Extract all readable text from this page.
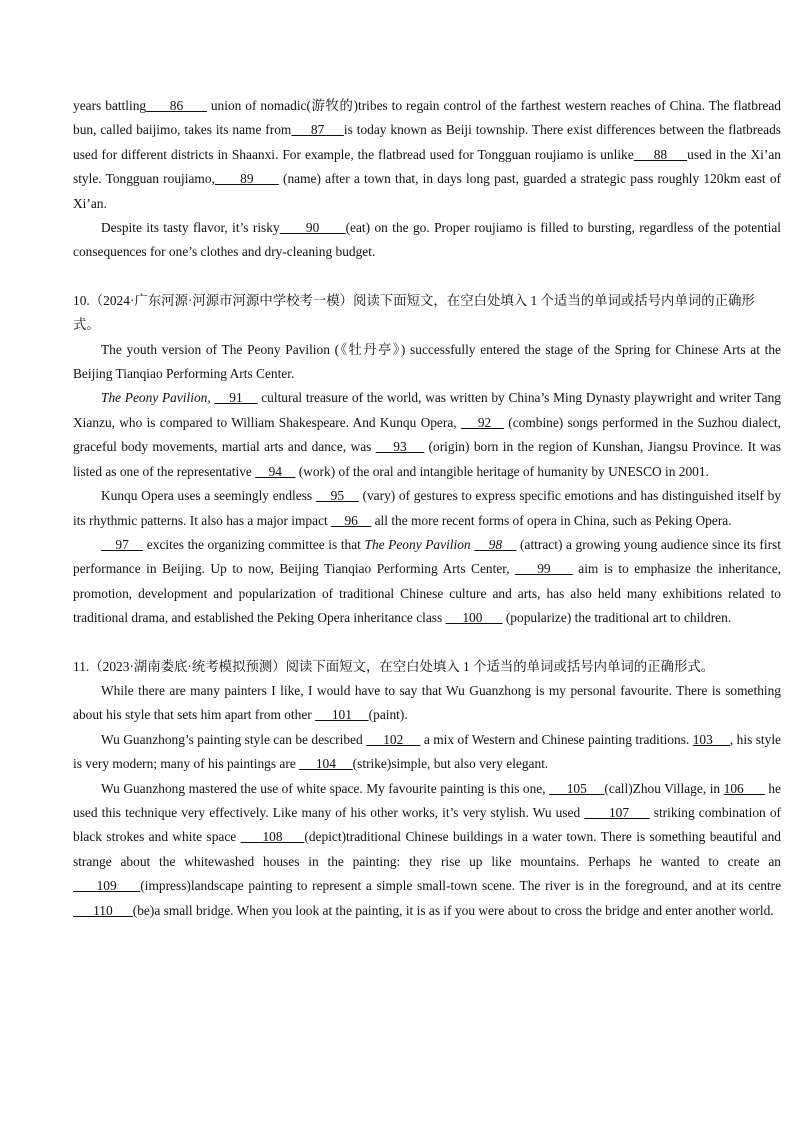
years battling      86       union of nomadic(游牧的)tribes to regain control of the farthest western reaches of China. The flatbread bun, called baijimo, takes its name from     87     is today known as Beiji township. There exist differences between the flatbreads used for different districts in Shaanxi. For example, the flatbread used for Tongguan roujiamo is unlike     88     used in the Xi’an style. Tongguan roujiamo,      89       (name) after a town that, in days long past, guarded a strategic pass roughly 120km east of Xi’an.

Despite its tasty flavor, it’s risky      90      (eat) on the go. Proper roujiamo is filled to bursting, regardless of the potential consequences for one’s clothes and dry-cleaning budget.

10.（2024·广东河源·河源市河源中学校考一模）阅读下面短文，在空白处填入 1 个适当的单词或括号内单词的正确形式。

The youth version of The Peony Pavilion (《牡丹亭》) successfully entered the stage of the Spring for Chinese Arts at the Beijing Tianqiao Performing Arts Center.

The Peony Pavilion,     91     cultural treasure of the world, was written by China’s Ming Dynasty playwright and writer Tang Xianzu, who is compared to William Shakespeare. And Kunqu Opera,     92    (combine) songs performed in the Suzhou dialect, graceful body movements, martial arts and dance, was     93     (origin) born in the region of Kunshan, Jiangsu Province. It was listed as one of the representative     94     (work) of the oral and intangible heritage of humanity by UNESCO in 2001.

Kunqu Opera uses a seemingly endless     95     (vary) of gestures to express specific emotions and has distinguished itself by its rhythmic patterns. It also has a major impact     96     all the more recent forms of opera in China, such as Peking Opera.

97     excites the organizing committee is that The Peony Pavilion     98     (attract) a growing young audience since its first performance in Beijing. Up to now, Beijing Tianqiao Performing Arts Center,     99     aim is to emphasize the inheritance, promotion, development and popularization of traditional Chinese culture and arts, has also held many exhibitions related to traditional drama, and established the Peking Opera inheritance class      100       (popularize) the traditional art to children.

11.（2023·湖南娄底·统考模拟预测）阅读下面短文，在空白处填入 1 个适当的单词或括号内单词的正确形式。

While there are many painters I like, I would have to say that Wu Guanzhong is my personal favourite. There is something about his style that sets him apart from other      101     (paint).

Wu Guanzhong’s painting style can be described      102      a mix of Western and Chinese painting traditions. 103     , his style is very modern; many of his paintings are      104     (strike)simple, but also very elegant.

Wu Guanzhong mastered the use of white space. My favourite painting is this one,      105     (call)Zhou Village, in 106       he used this technique very effectively. Like many of his other works, it’s very stylish. Wu used       107      striking combination of black strokes and white space      108     (depict)traditional Chinese buildings in a water town. There is something beautiful and strange about the whitewashed houses in the painting: they rise up like mountains. Perhaps he wanted to create an      109     (impress)landscape painting to represent a simple small-town scene. The river is in the foreground, and at its centre       110      (be)a small bridge. When you look at the painting, it is as if you were about to cross the bridge and enter another world.
